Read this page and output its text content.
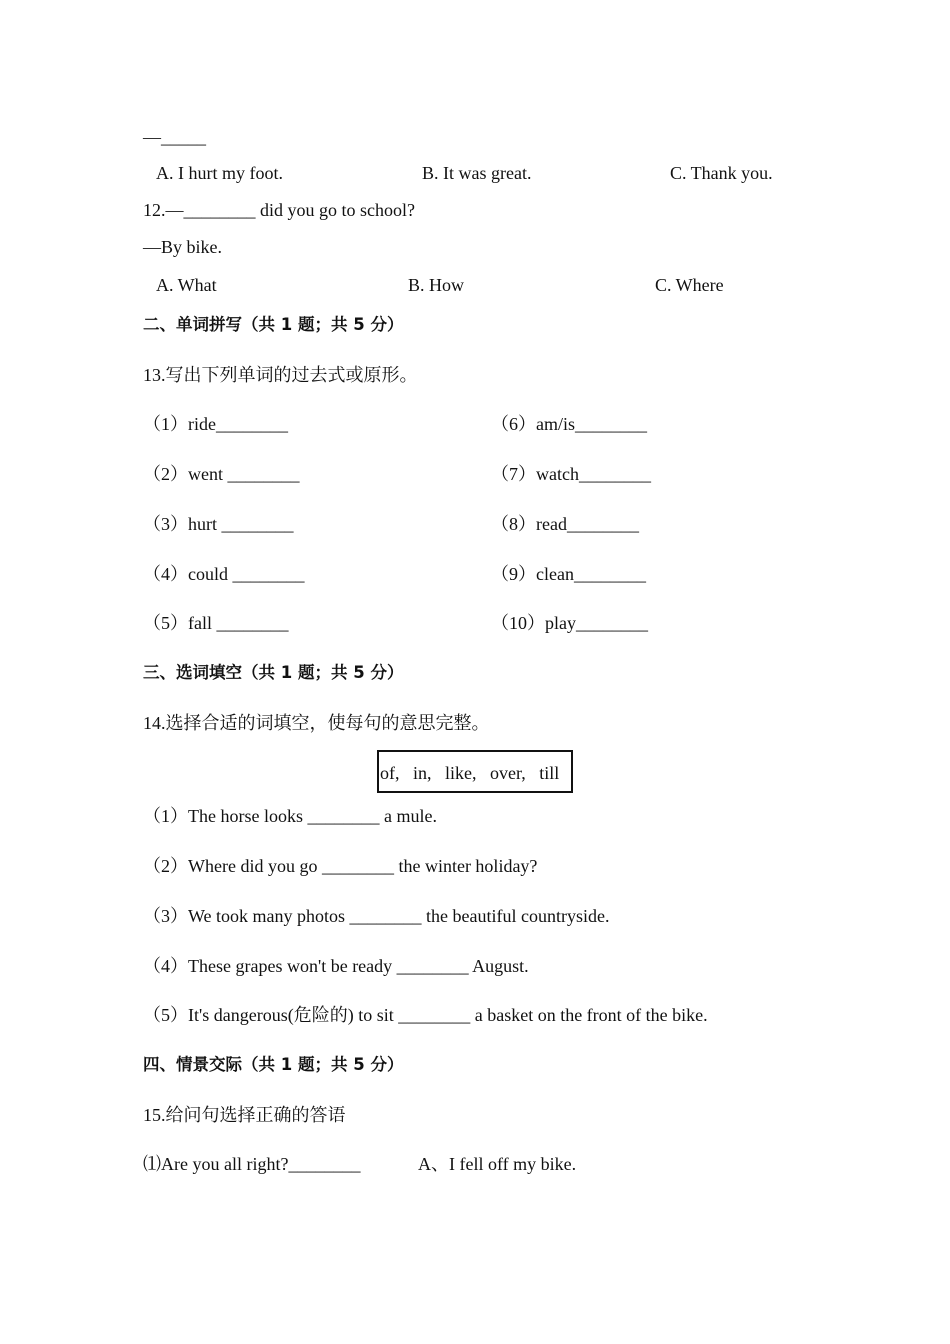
—_____
A. I hurt my foot.	B. It was great.	C. Thank you.
12.—________ did you go to school?
—By bike.
A. What	B. How	C. Where
二、单词拼写（共 1 题；共 5 分）
13.写出下列单词的过去式或原形。
（1）ride________
（2）went ________
（3）hurt ________
（4）could ________
（5）fall ________
（6）am/is________
（7）watch________
（8）read________
（9）clean________
（10）play________
三、选词填空（共 1 题；共 5 分）
14.选择合适的词填空，使每句的意思完整。
of,   in,   like,   over,   till
（1）The horse looks ________ a mule.
（2）Where did you go ________ the winter holiday?
（3）We took many photos ________ the beautiful countryside.
（4）These grapes won't be ready ________ August.
（5）It's dangerous(危险的) to sit ________ a basket on the front of the bike.
四、情景交际（共 1 题；共 5 分）
15.给问句选择正确的答语
⑴Are you all right?________	A、I fell off my bike.
